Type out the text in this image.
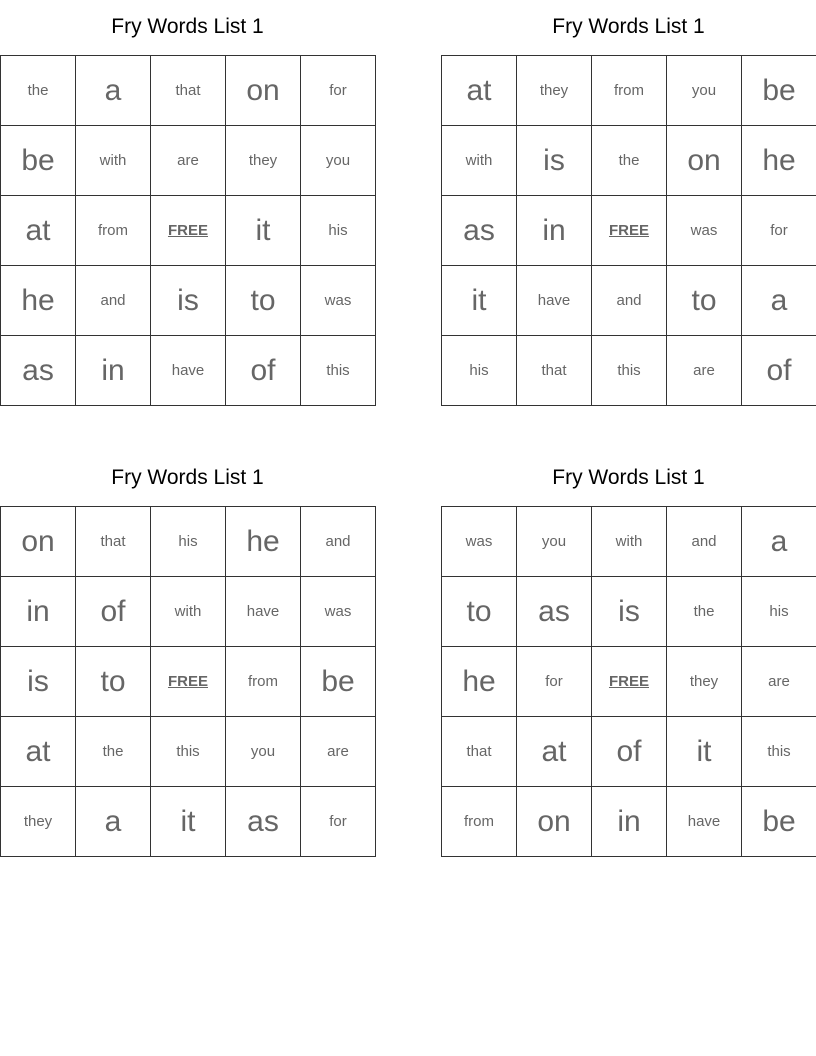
Fry Words List 1
the	a	that	on	for
be	with	are	they	you
at	from	FREE	it	his
he	and	is	to	was
as	in	have	of	this
Fry Words List 1
at	they	from	you	be
with	is	the	on	he
as	in	FREE	was	for
it	have	and	to	a
his	that	this	are	of
Fry Words List 1
on	that	his	he	and
in	of	with	have	was
is	to	FREE	from	be
at	the	this	you	are
they	a	it	as	for
Fry Words List 1
was	you	with	and	a
to	as	is	the	his
he	for	FREE	they	are
that	at	of	it	this
from	on	in	have	be
